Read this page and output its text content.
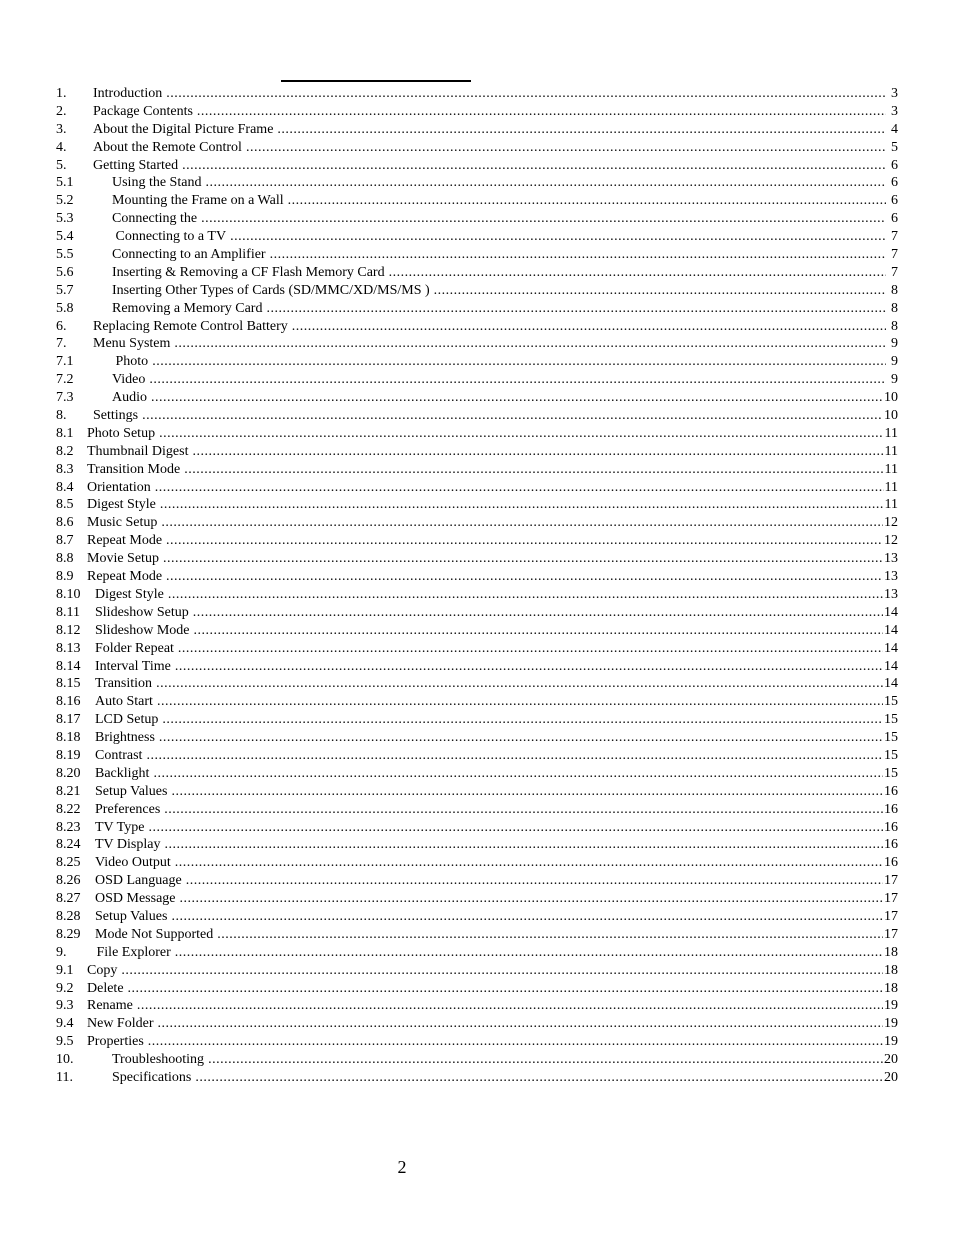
1. Introduction .....	3
2. Package Contents .....	3
3. About the Digital Picture Frame .....	4
4. About the Remote Control .....	5
5. Getting Started .....	6
5.1	Using the Stand .....	6
5.2	Mounting the Frame on a Wall .....	6
5.3	Connecting the .....	6
5.4	Connecting to a TV .....	7
5.5	Connecting to an Amplifier .....	7
5.6	Inserting & Removing a CF Flash Memory Card .....	7
5.7	Inserting Other Types of Cards (SD/MMC/XD/MS/MS ) .....	8
5.8	Removing a Memory Card .....	8
6. Replacing Remote Control Battery .....	8
7. Menu System .....	9
7.1	Photo .....	9
7.2	Video .....	9
7.3	Audio .....	10
8. Settings .....	10
8.1 Photo Setup .....	11
8.2 Thumbnail Digest .....	11
8.3 Transition Mode .....	11
8.4 Orientation .....	11
8.5 Digest Style .....	11
8.6 Music Setup .....	12
8.7 Repeat Mode .....	12
8.8 Movie Setup .....	13
8.9 Repeat Mode .....	13
8.10 Digest Style .....	13
8.11 Slideshow Setup .....	14
8.12 Slideshow Mode .....	14
8.13 Folder Repeat .....	14
8.14 Interval Time .....	14
8.15 Transition .....	14
8.16 Auto Start .....	15
8.17 LCD Setup .....	15
8.18 Brightness .....	15
8.19 Contrast .....	15
8.20 Backlight .....	15
8.21 Setup Values .....	16
8.22 Preferences .....	16
8.23 TV Type .....	16
8.24 TV Display .....	16
8.25 Video Output .....	16
8.26 OSD Language .....	17
8.27 OSD Message .....	17
8.28 Setup Values .....	17
8.29 Mode Not Supported .....	17
9. File Explorer .....	18
9.1 Copy .....	18
9.2 Delete .....	18
9.3 Rename .....	19
9.4 New Folder .....	19
9.5 Properties .....	19
10.	Troubleshooting .....	20
11.	Specifications .....	20
2
